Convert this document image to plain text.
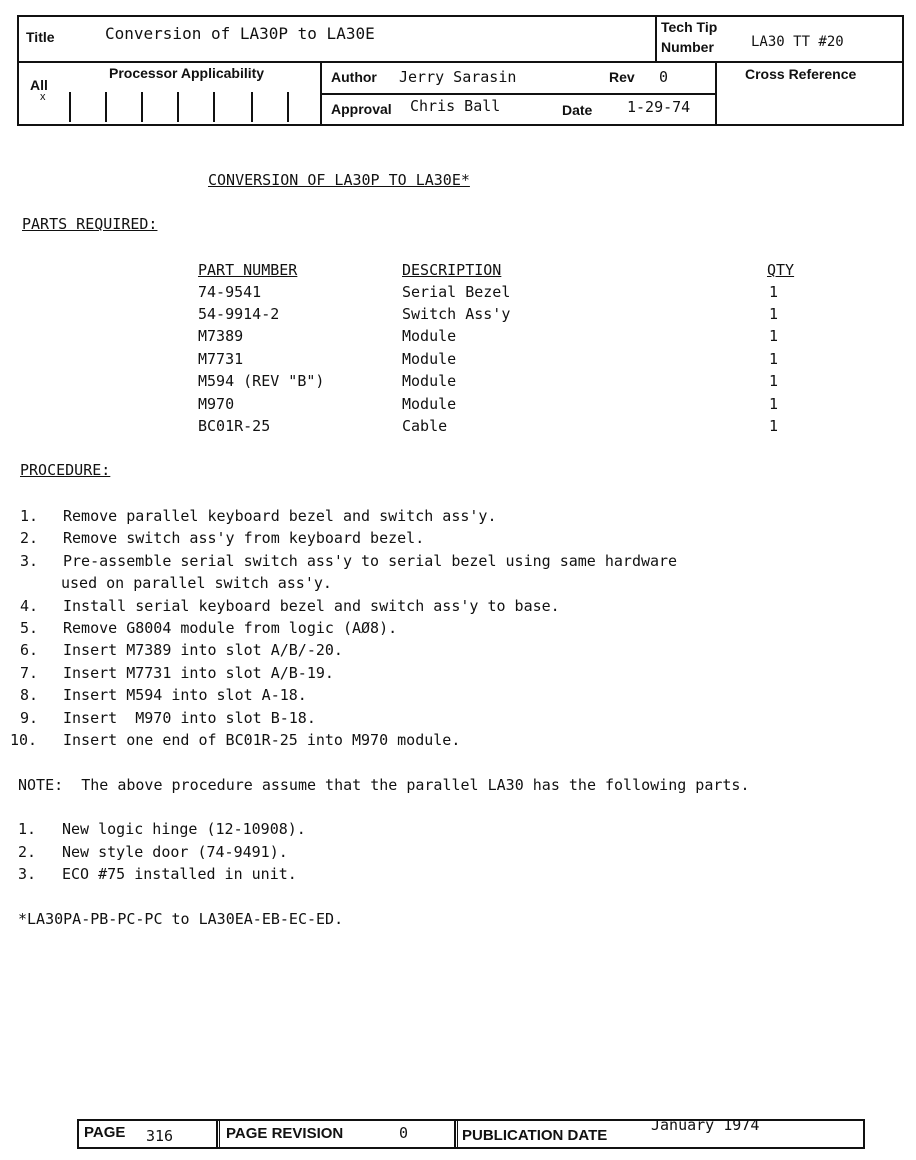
Title	Conversion of LA30P to LA30E	Tech Tip
Number	LA30 TT #20
All
x
Processor Applicability	Author Jerry Sarasin	Rev 0	Cross Reference
Approval Chris Ball	Date 1-29-74
CONVERSION OF LA30P TO LA30E*
PARTS REQUIRED:
PART NUMBER	DESCRIPTION	QTY
74-9541	Serial Bezel	1
54-9914-2	Switch Ass'y	1
M7389	Module	1
M7731	Module	1
M594 (REV "B")	Module	1
M970	Module	1
BC01R-25	Cable	1
PROCEDURE:
1. Remove parallel keyboard bezel and switch ass'y.
2. Remove switch ass'y from keyboard bezel.
3. Pre-assemble serial switch ass'y to serial bezel using same hardware
used on parallel switch ass'y.
4. Install serial keyboard bezel and switch ass'y to base.
5. Remove G8004 module from logic (AØ8).
6. Insert M7389 into slot A/B/-20.
7. Insert M7731 into slot A/B-19.
8. Insert M594 into slot A-18.
9. Insert  M970 into slot B-18.
10. Insert one end of BC01R-25 into M970 module.
NOTE:  The above procedure assume that the parallel LA30 has the following parts.
1. New logic hinge (12-10908).
2. New style door (74-9491).
3. ECO #75 installed in unit.
*LA30PA-PB-PC-PC to LA30EA-EB-EC-ED.
PAGE 316	PAGE REVISION	0	PUBLICATION DATE
January 1974
